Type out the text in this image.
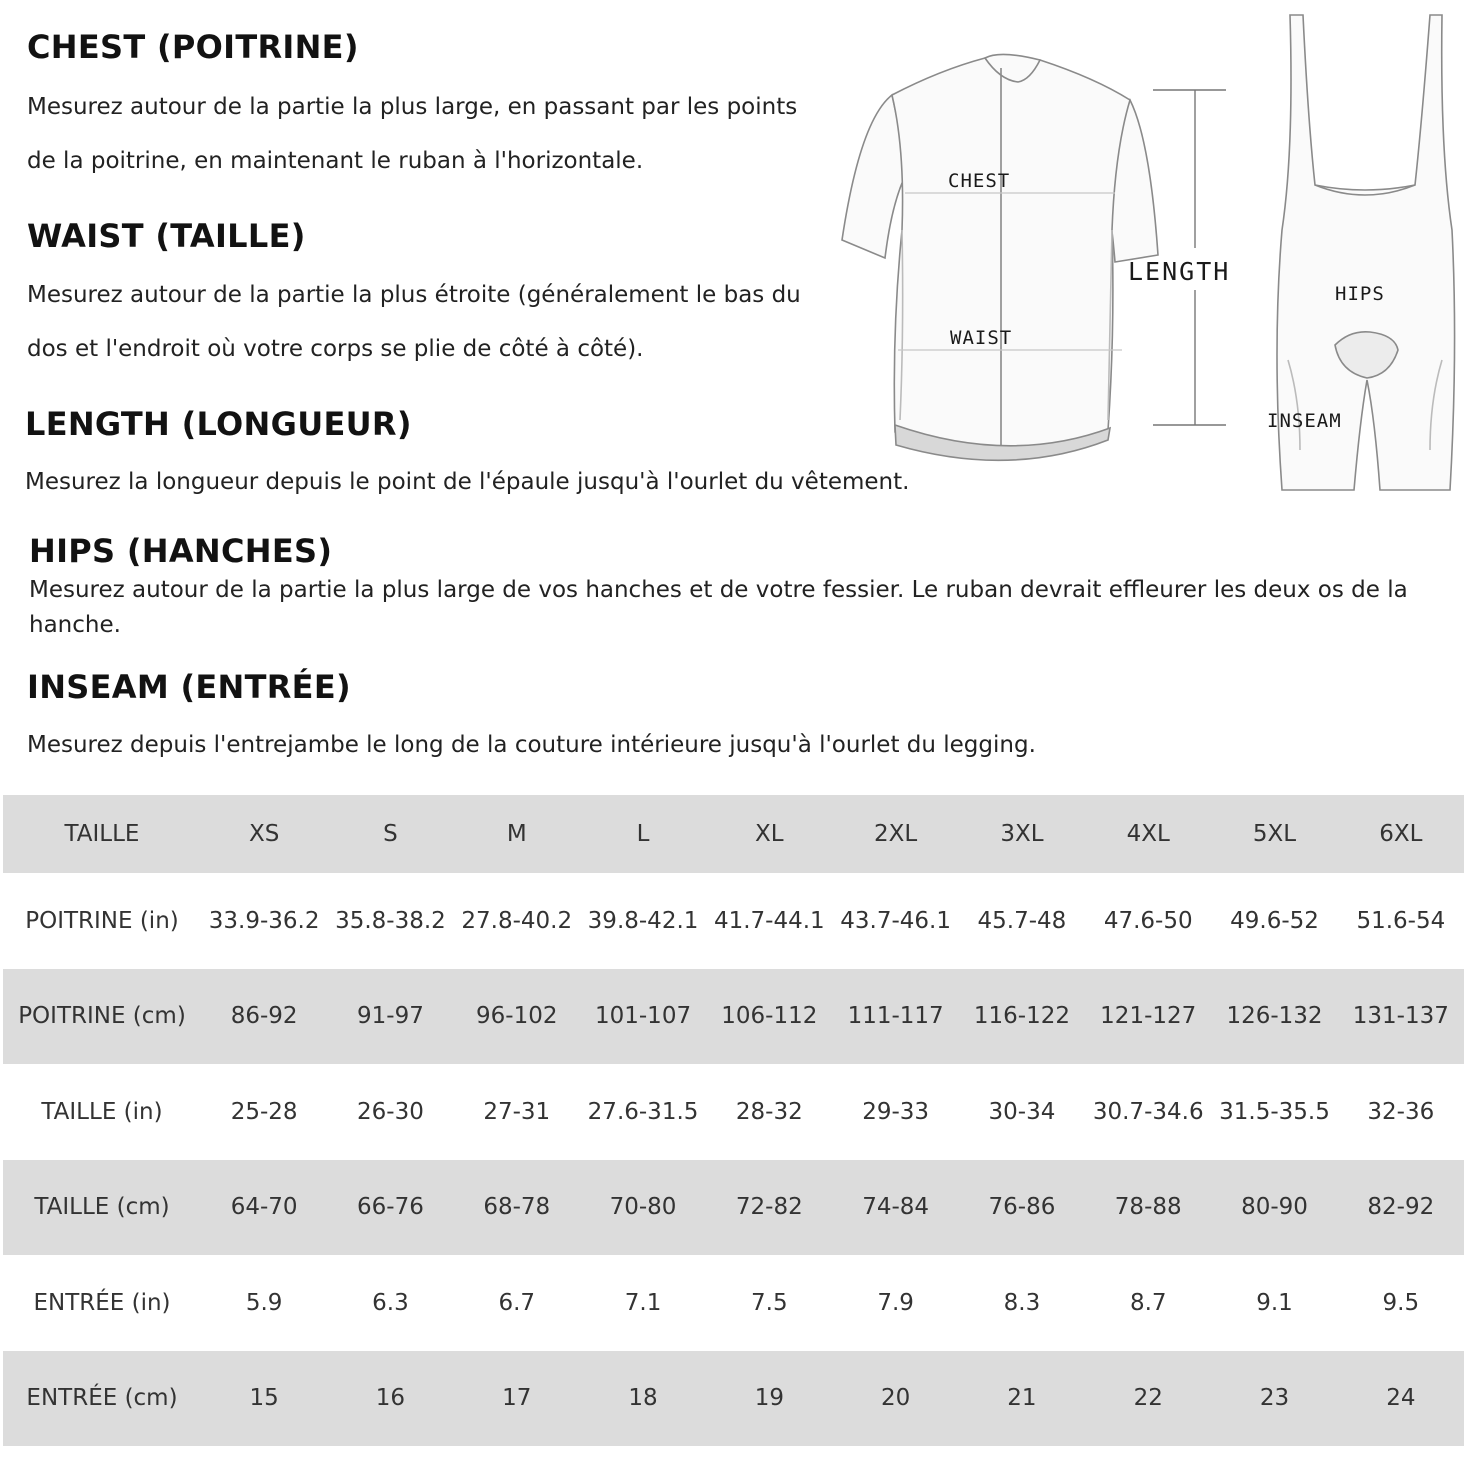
CHEST (POITRINE)
Mesurez autour de la partie la plus large, en passant par les points de la poitrine, en maintenant le ruban à l'horizontale.
WAIST (TAILLE)
Mesurez autour de la partie la plus étroite (généralement le bas du dos et l'endroit où votre corps se plie de côté à côté).
LENGTH (LONGUEUR)
Mesurez la longueur depuis le point de l'épaule jusqu'à l'ourlet du vêtement.
HIPS (HANCHES)
Mesurez autour de la partie la plus large de vos hanches et de votre fessier. Le ruban devrait effleurer les deux os de la hanche.
INSEAM (ENTRÉE)
Mesurez depuis l'entrejambe le long de la couture intérieure jusqu'à l'ourlet du legging.
CHEST
WAIST
LENGTH
HIPS
INSEAM
TAILLE	XS	S	M	L	XL	2XL	3XL	4XL	5XL	6XL
POITRINE (in)	33.9-36.2	35.8-38.2	27.8-40.2	39.8-42.1	41.7-44.1	43.7-46.1	45.7-48	47.6-50	49.6-52	51.6-54
POITRINE (cm)	86-92	91-97	96-102	101-107	106-112	111-117	116-122	121-127	126-132	131-137
TAILLE (in)	25-28	26-30	27-31	27.6-31.5	28-32	29-33	30-34	30.7-34.6	31.5-35.5	32-36
TAILLE (cm)	64-70	66-76	68-78	70-80	72-82	74-84	76-86	78-88	80-90	82-92
ENTRÉE (in)	5.9	6.3	6.7	7.1	7.5	7.9	8.3	8.7	9.1	9.5
ENTRÉE (cm)	15	16	17	18	19	20	21	22	23	24
